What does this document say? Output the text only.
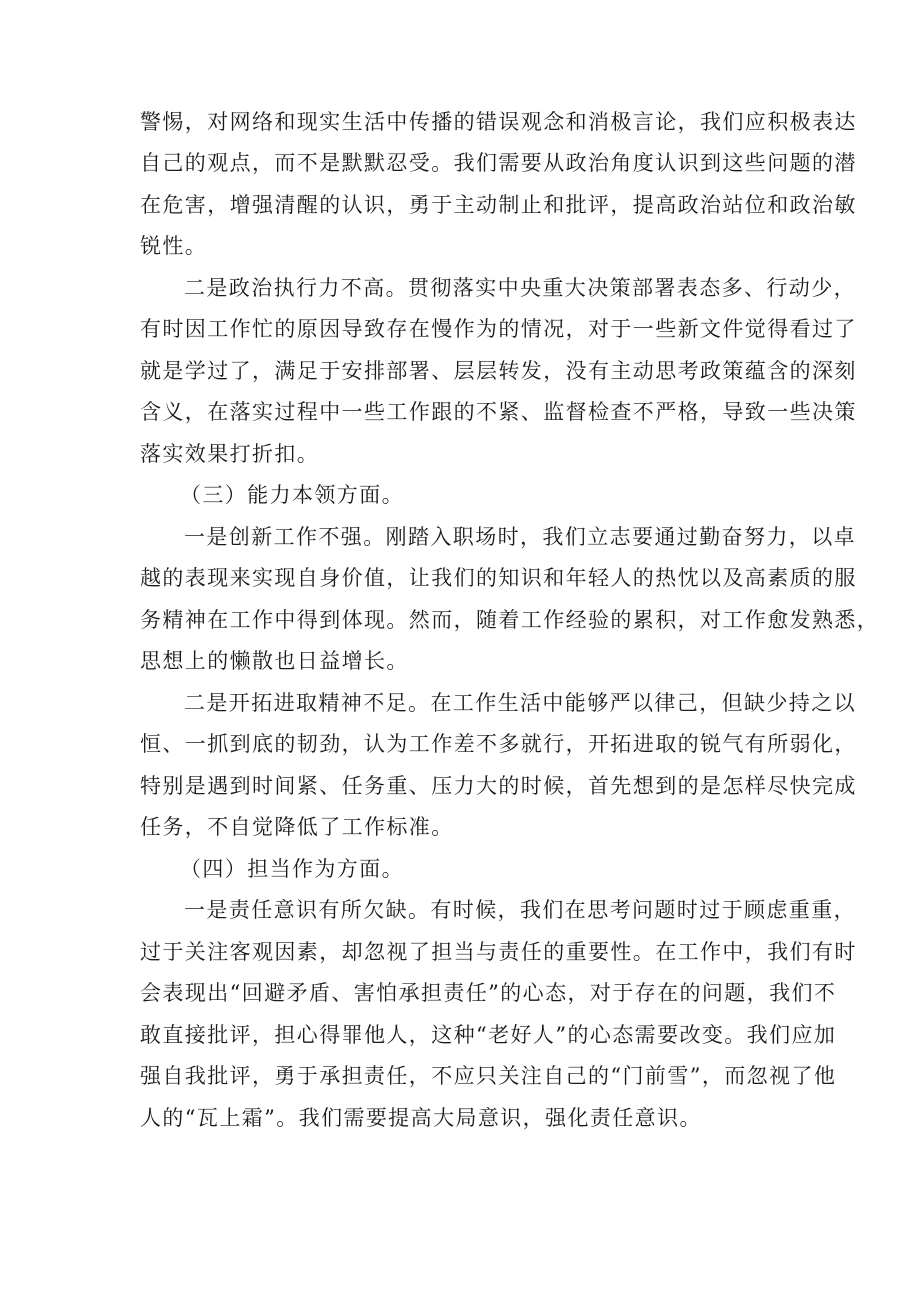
警惕，对网络和现实生活中传播的错误观念和消极言论，我们应积极表达
自己的观点，而不是默默忍受。我们需要从政治角度认识到这些问题的潜
在危害，增强清醒的认识，勇于主动制止和批评，提高政治站位和政治敏
锐性。
二是政治执行力不高。贯彻落实中央重大决策部署表态多、行动少，
有时因工作忙的原因导致存在慢作为的情况，对于一些新文件觉得看过了
就是学过了，满足于安排部署、层层转发，没有主动思考政策蕴含的深刻
含义，在落实过程中一些工作跟的不紧、监督检查不严格，导致一些决策
落实效果打折扣。
（三）能力本领方面。
一是创新工作不强。刚踏入职场时，我们立志要通过勤奋努力，以卓
越的表现来实现自身价值，让我们的知识和年轻人的热忱以及高素质的服
务精神在工作中得到体现。然而，随着工作经验的累积，对工作愈发熟悉，
思想上的懒散也日益增长。
二是开拓进取精神不足。在工作生活中能够严以律己，但缺少持之以
恒、一抓到底的韧劲，认为工作差不多就行，开拓进取的锐气有所弱化，
特别是遇到时间紧、任务重、压力大的时候，首先想到的是怎样尽快完成
任务，不自觉降低了工作标准。
（四）担当作为方面。
一是责任意识有所欠缺。有时候，我们在思考问题时过于顾虑重重，
过于关注客观因素，却忽视了担当与责任的重要性。在工作中，我们有时
会表现出“回避矛盾、害怕承担责任”的心态，对于存在的问题，我们不
敢直接批评，担心得罪他人，这种“老好人”的心态需要改变。我们应加
强自我批评，勇于承担责任，不应只关注自己的“门前雪”，而忽视了他
人的“瓦上霜”。我们需要提高大局意识，强化责任意识。
